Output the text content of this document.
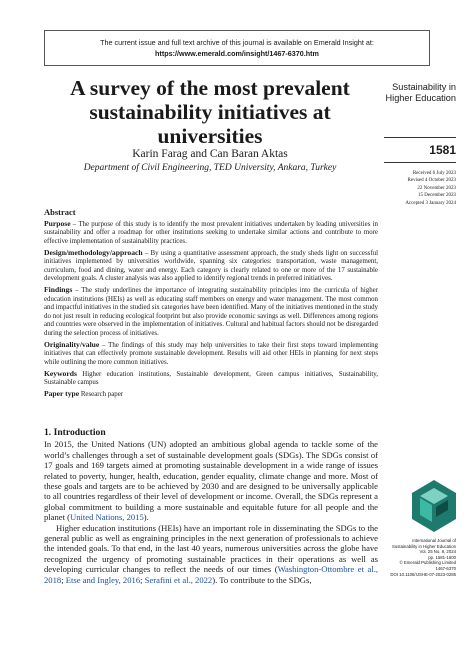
The current issue and full text archive of this journal is available on Emerald Insight at:
https://www.emerald.com/insight/1467-6370.htm
A survey of the most prevalent sustainability initiatives at universities
Karin Farag and Can Baran Aktas
Department of Civil Engineering, TED University, Ankara, Turkey
Sustainability in Higher Education
1581
Received 6 July 2023
Revised 4 October 2023
22 November 2023
15 December 2023
Accepted 3 January 2024
Abstract

Purpose – The purpose of this study is to identify the most prevalent initiatives undertaken by leading universities in sustainability and offer a roadmap for other institutions seeking to undertake similar actions and contribute to more effective implementation of sustainability practices.

Design/methodology/approach – By using a quantitative assessment approach, the study sheds light on successful initiatives implemented by universities worldwide, spanning six categories: transportation, waste management, curriculum, food and dining, water and energy. Each category is clearly related to one or more of the 17 sustainable development goals. A cluster analysis was also applied to identify regional trends in preferred initiatives.

Findings – The study underlines the importance of integrating sustainability principles into the curricula of higher education institutions (HEIs) as well as educating staff members on energy and water management. The most common and impactful initiatives in the studied six categories have been identified. Many of the initiatives mentioned in the study do not just result in reducing ecological footprint but also provide economic savings as well. Differences among regions and countries were observed in the implementation of initiatives. Cultural and habitual factors should not be disregarded during the selection process of initiatives.

Originality/value – The findings of this study may help universities to take their first steps toward implementing initiatives that can effectively promote sustainable development. Results will aid other HEIs in planning for next steps while outlining the more common initiatives.

Keywords Higher education institutions, Sustainable development, Green campus initiatives, Sustainability, Sustainable campus

Paper type Research paper

1. Introduction

In 2015, the United Nations (UN) adopted an ambitious global agenda to tackle some of the world’s challenges through a set of sustainable development goals (SDGs). The SDGs consist of 17 goals and 169 targets aimed at promoting sustainable development in a wide range of issues related to poverty, hunger, health, education, gender equality, climate change and more. Most of these goals and targets are to be achieved by 2030 and are designed to be universally applicable to all countries regardless of their level of development or income. Overall, the SDGs represent a global commitment to building a more sustainable and equitable future for all people and the planet (United Nations, 2015).

Higher education institutions (HEIs) have an important role in disseminating the SDGs to the general public as well as engraining principles in the next generation of professionals to achieve the intended goals. To that end, in the last 40 years, numerous universities across the globe have recognized the urgency of promoting sustainable practices in their operations as well as developing curricular changes to reflect the needs of our times (Washington-Ottombre et al., 2018; Etse and Ingley, 2016; Serafini et al., 2022). To contribute to the SDGs,

International Journal of
Sustainability in Higher Education
Vol. 25 No. 8, 2024
pp. 1581-1600
© Emerald Publishing Limited
1467-6370
DOI 10.1108/IJSHE-07-2023-0285
